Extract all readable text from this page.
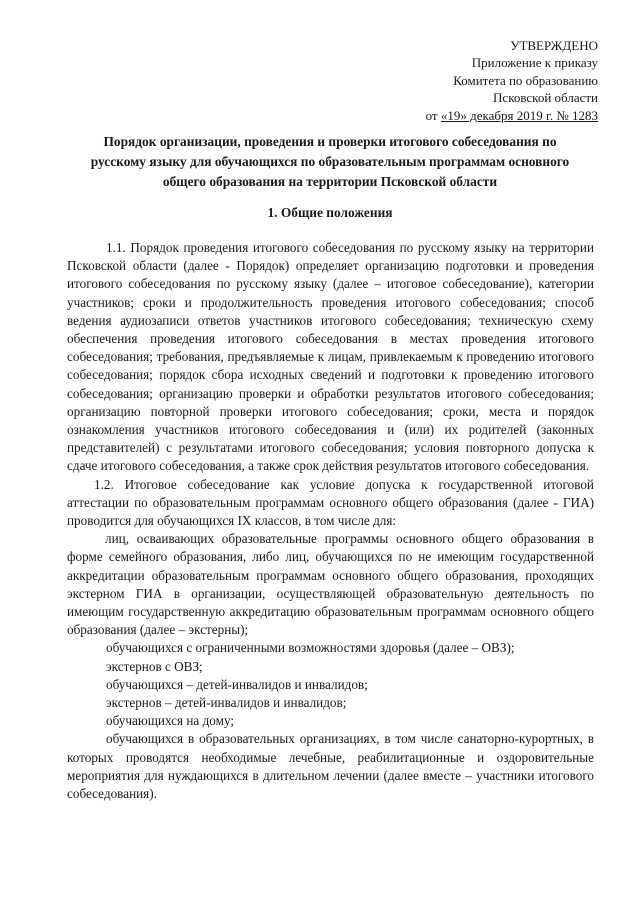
УТВЕРЖДЕНО
Приложение к приказу
Комитета по образованию
Псковской области
от «19» декабря 2019 г. № 1283
Порядок организации, проведения и проверки итогового собеседования по
русскому языку для обучающихся по образовательным программам основного
общего образования на территории Псковской области
1. Общие положения

1.1. Порядок проведения итогового собеседования по русскому языку на территории Псковской области (далее - Порядок) определяет организацию подготовки и проведения итогового собеседования по русскому языку (далее – итоговое собеседование), категории участников; сроки и продолжительность проведения итогового собеседования; способ ведения аудиозаписи ответов участников итогового собеседования; техническую схему обеспечения проведения итогового собеседования в местах проведения итогового собеседования; требования, предъявляемые к лицам, привлекаемым к проведению итогового собеседования; порядок сбора исходных сведений и подготовки к проведению итогового собеседования; организацию проверки и обработки результатов итогового собеседования; организацию повторной проверки итогового собеседования; сроки, места и порядок ознакомления участников итогового собеседования и (или) их родителей (законных представителей) с результатами итогового собеседования; условия повторного допуска к сдаче итогового собеседования, а также срок действия результатов итогового собеседования.

1.2. Итоговое собеседование как условие допуска к государственной итоговой аттестации по образовательным программам основного общего образования (далее - ГИА) проводится для обучающихся IX классов, в том числе для:

лиц, осваивающих образовательные программы основного общего образования в форме семейного образования, либо лиц, обучающихся по не имеющим государственной аккредитации образовательным программам основного общего образования, проходящих экстерном ГИА в организации, осуществляющей образовательную деятельность по имеющим государственную аккредитацию образовательным программам основного общего образования (далее – экстерны);

обучающихся с ограниченными возможностями здоровья (далее – ОВЗ);

экстернов с ОВЗ;

обучающихся – детей-инвалидов и инвалидов;

экстернов – детей-инвалидов и инвалидов;

обучающихся на дому;

обучающихся в образовательных организациях, в том числе санаторно-курортных, в которых проводятся необходимые лечебные, реабилитационные и оздоровительные мероприятия для нуждающихся в длительном лечении (далее вместе – участники итогового собеседования).
